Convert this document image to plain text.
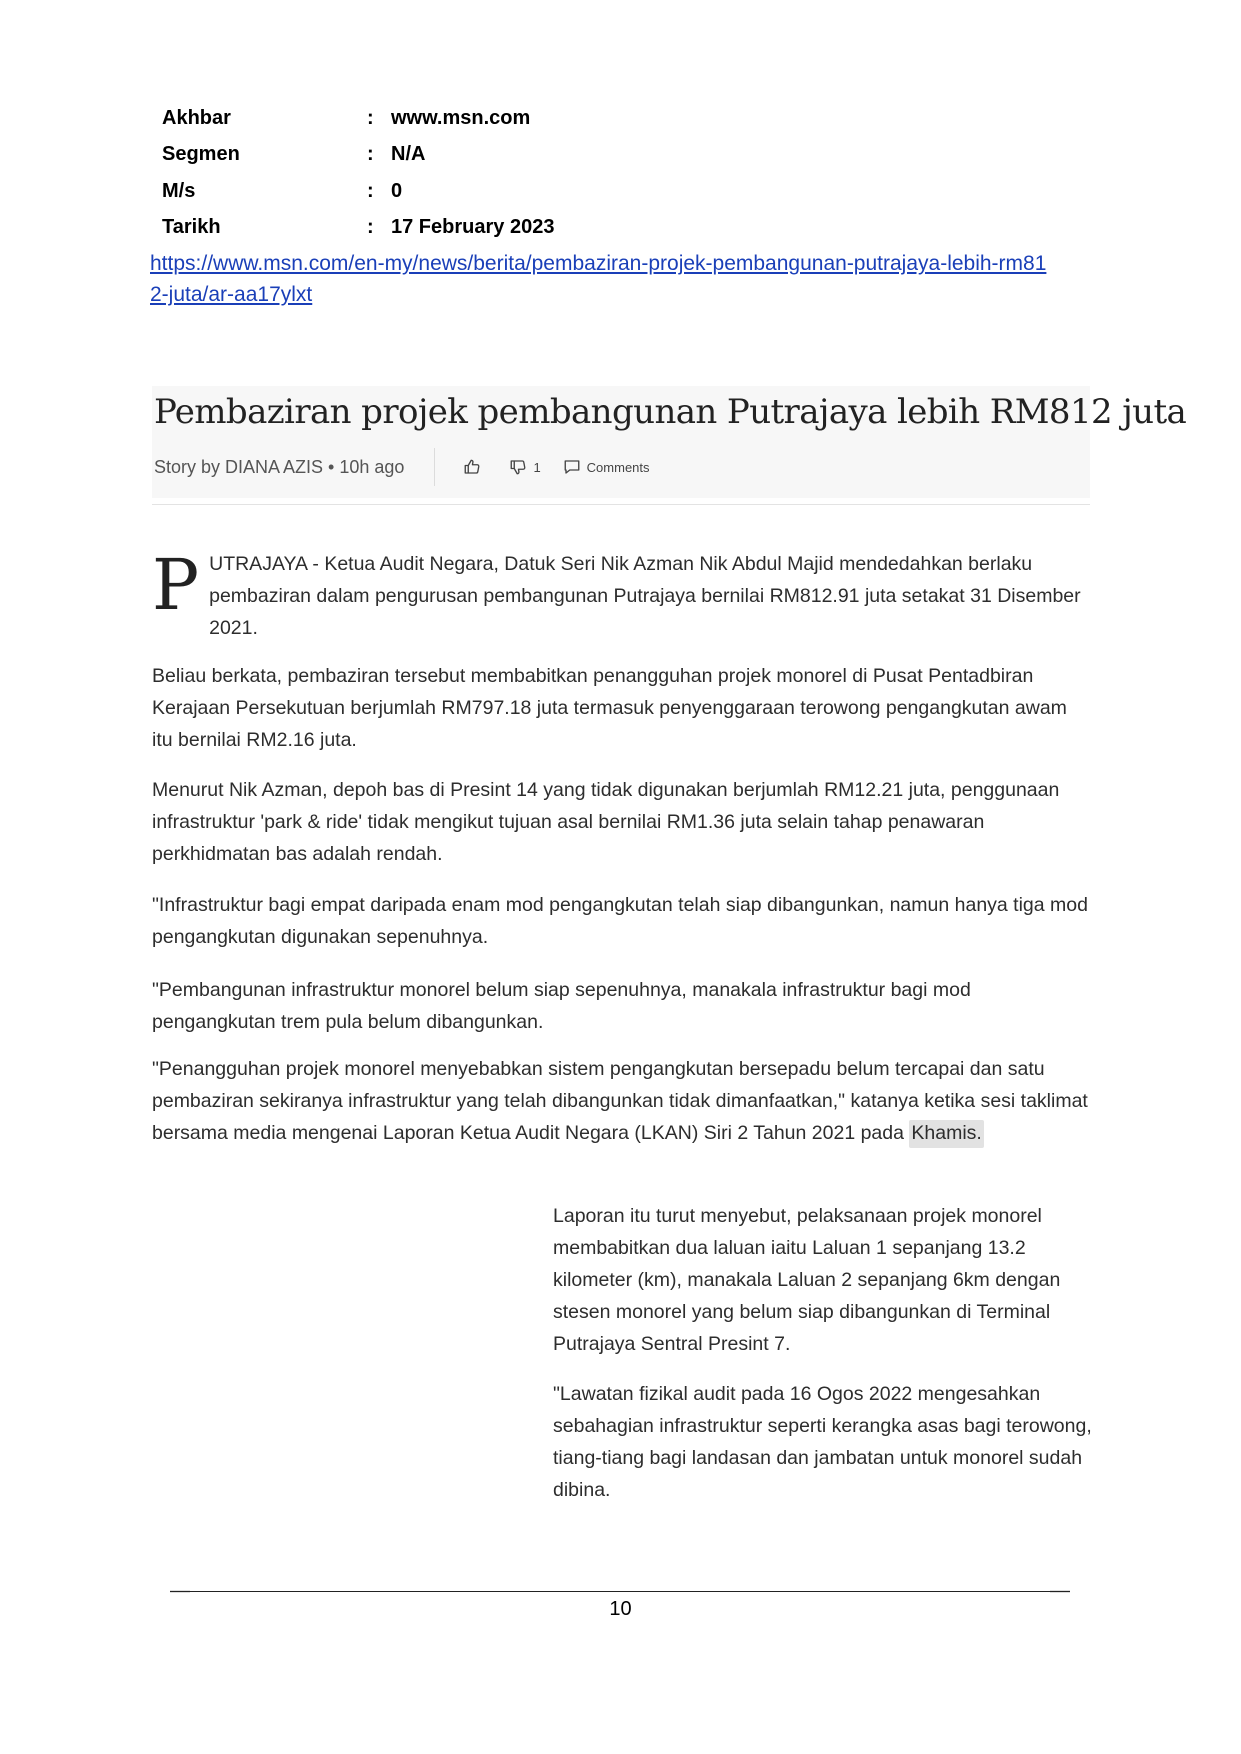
Akhbar	: www.msn.com
Segmen	: N/A
M/s	: 0
Tarikh	: 17 February 2023
https://www.msn.com/en-my/news/berita/pembaziran-projek-pembangunan-putrajaya-lebih-rm812-juta/ar-aa17ylxt
Pembaziran projek pembangunan Putrajaya lebih RM812 juta
Story by DIANA AZIS • 10h ago	1	Comments

PUTRAJAYA - Ketua Audit Negara, Datuk Seri Nik Azman Nik Abdul Majid mendedahkan berlaku pembaziran dalam pengurusan pembangunan Putrajaya bernilai RM812.91 juta setakat 31 Disember 2021.

Beliau berkata, pembaziran tersebut membabitkan penangguhan projek monorel di Pusat Pentadbiran Kerajaan Persekutuan berjumlah RM797.18 juta termasuk penyenggaraan terowong pengangkutan awam itu bernilai RM2.16 juta.

Menurut Nik Azman, depoh bas di Presint 14 yang tidak digunakan berjumlah RM12.21 juta, penggunaan infrastruktur 'park & ride' tidak mengikut tujuan asal bernilai RM1.36 juta selain tahap penawaran perkhidmatan bas adalah rendah.

"Infrastruktur bagi empat daripada enam mod pengangkutan telah siap dibangunkan, namun hanya tiga mod pengangkutan digunakan sepenuhnya.

"Pembangunan infrastruktur monorel belum siap sepenuhnya, manakala infrastruktur bagi mod pengangkutan trem pula belum dibangunkan.

"Penangguhan projek monorel menyebabkan sistem pengangkutan bersepadu belum tercapai dan satu pembaziran sekiranya infrastruktur yang telah dibangunkan tidak dimanfaatkan," katanya ketika sesi taklimat bersama media mengenai Laporan Ketua Audit Negara (LKAN) Siri 2 Tahun 2021 pada Khamis.

Laporan itu turut menyebut, pelaksanaan projek monorel membabitkan dua laluan iaitu Laluan 1 sepanjang 13.2 kilometer (km), manakala Laluan 2 sepanjang 6km dengan stesen monorel yang belum siap dibangunkan di Terminal Putrajaya Sentral Presint 7.

"Lawatan fizikal audit pada 16 Ogos 2022 mengesahkan sebahagian infrastruktur seperti kerangka asas bagi terowong, tiang-tiang bagi landasan dan jambatan untuk monorel sudah dibina.

10
